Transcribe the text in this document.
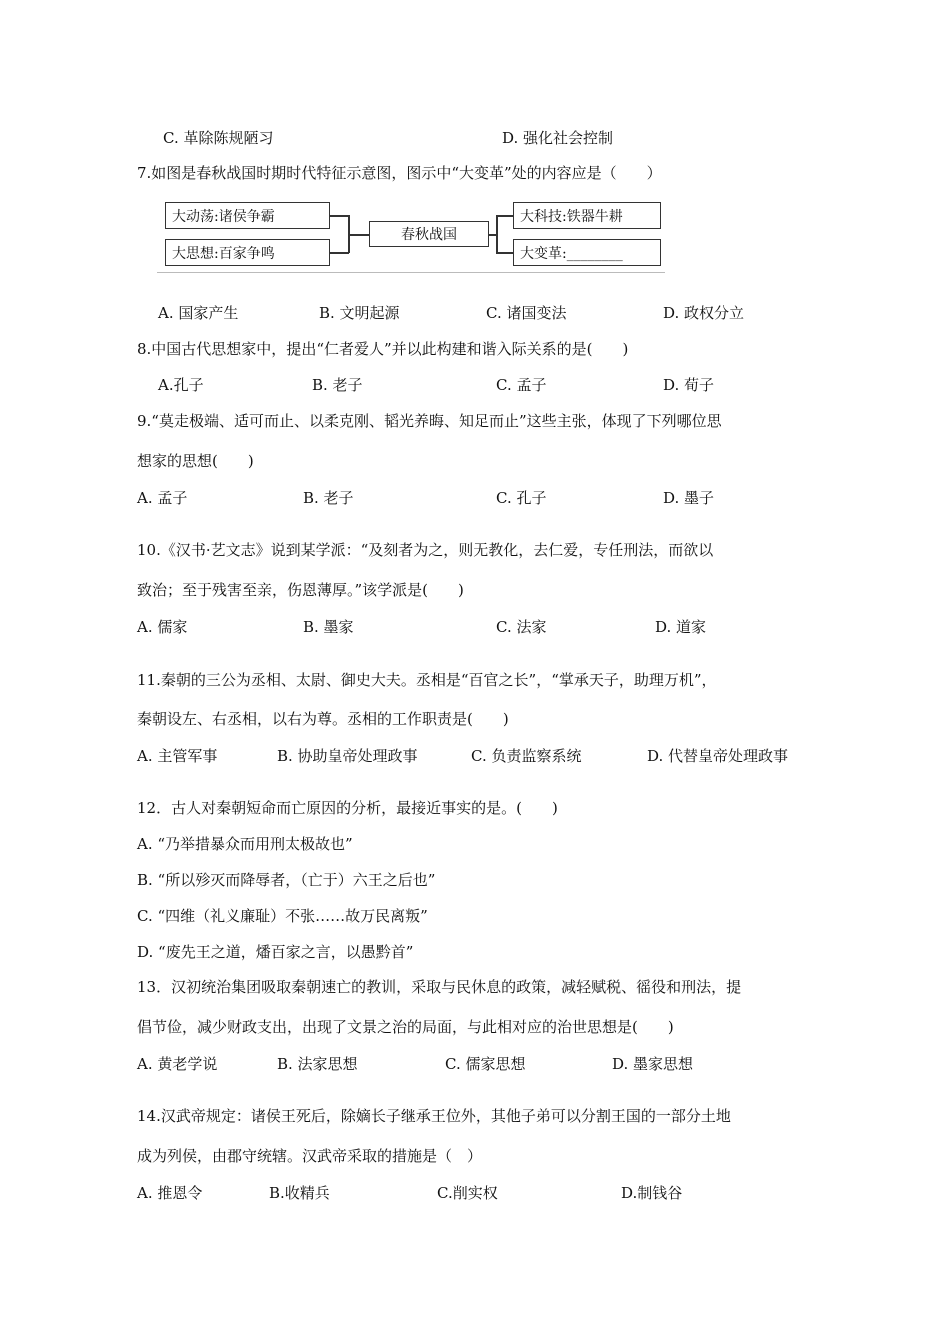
C. 革除陈规陋习	D. 强化社会控制
7.如图是春秋战国时期时代特征示意图，图示中“大变革”处的内容应是（　　）
大动荡:诸侯争霸
大思想:百家争鸣
春秋战国
大科技:铁器牛耕
大变革:________
A. 国家产生	B. 文明起源	C. 诸国变法	D. 政权分立
8.中国古代思想家中，提出“仁者爱人”并以此构建和谐入际关系的是(　　)
A.孔子	B. 老子	C. 孟子	D. 荀子
9.“莫走极端、适可而止、以柔克刚、韬光养晦、知足而止”这些主张，体现了下列哪位思
想家的思想(　　)
A. 孟子	B. 老子	C. 孔子	D. 墨子
10.《汉书·艺文志》说到某学派：“及刻者为之，则无教化，去仁爱，专任刑法，而欲以
致治；至于残害至亲，伤恩薄厚。”该学派是(　　)
A. 儒家	B. 墨家	C. 法家	D. 道家
11.秦朝的三公为丞相、太尉、御史大夫。丞相是“百官之长”，“掌承天子，助理万机”，
秦朝设左、右丞相，以右为尊。丞相的工作职责是(　　)
A. 主管军事	B. 协助皇帝处理政事	C. 负责监察系统	D. 代替皇帝处理政事
12．古人对秦朝短命而亡原因的分析，最接近事实的是。(　　)
A. “乃举措暴众而用刑太极故也”
B. “所以殄灭而降辱者，（亡于）六王之后也”
C. “四维（礼义廉耻）不张……故万民离叛”
D. “废先王之道，燔百家之言，以愚黔首”
13．汉初统治集团吸取秦朝速亡的教训，采取与民休息的政策，减轻赋税、徭役和刑法，提
倡节俭，减少财政支出，出现了文景之治的局面，与此相对应的治世思想是(　　)
A. 黄老学说	B. 法家思想	C. 儒家思想	D. 墨家思想
14.汉武帝规定：诸侯王死后，除嫡长子继承王位外，其他子弟可以分割王国的一部分土地
成为列侯，由郡守统辖。汉武帝采取的措施是（　）
A. 推恩令	B.收精兵	C.削实权	D.制钱谷
